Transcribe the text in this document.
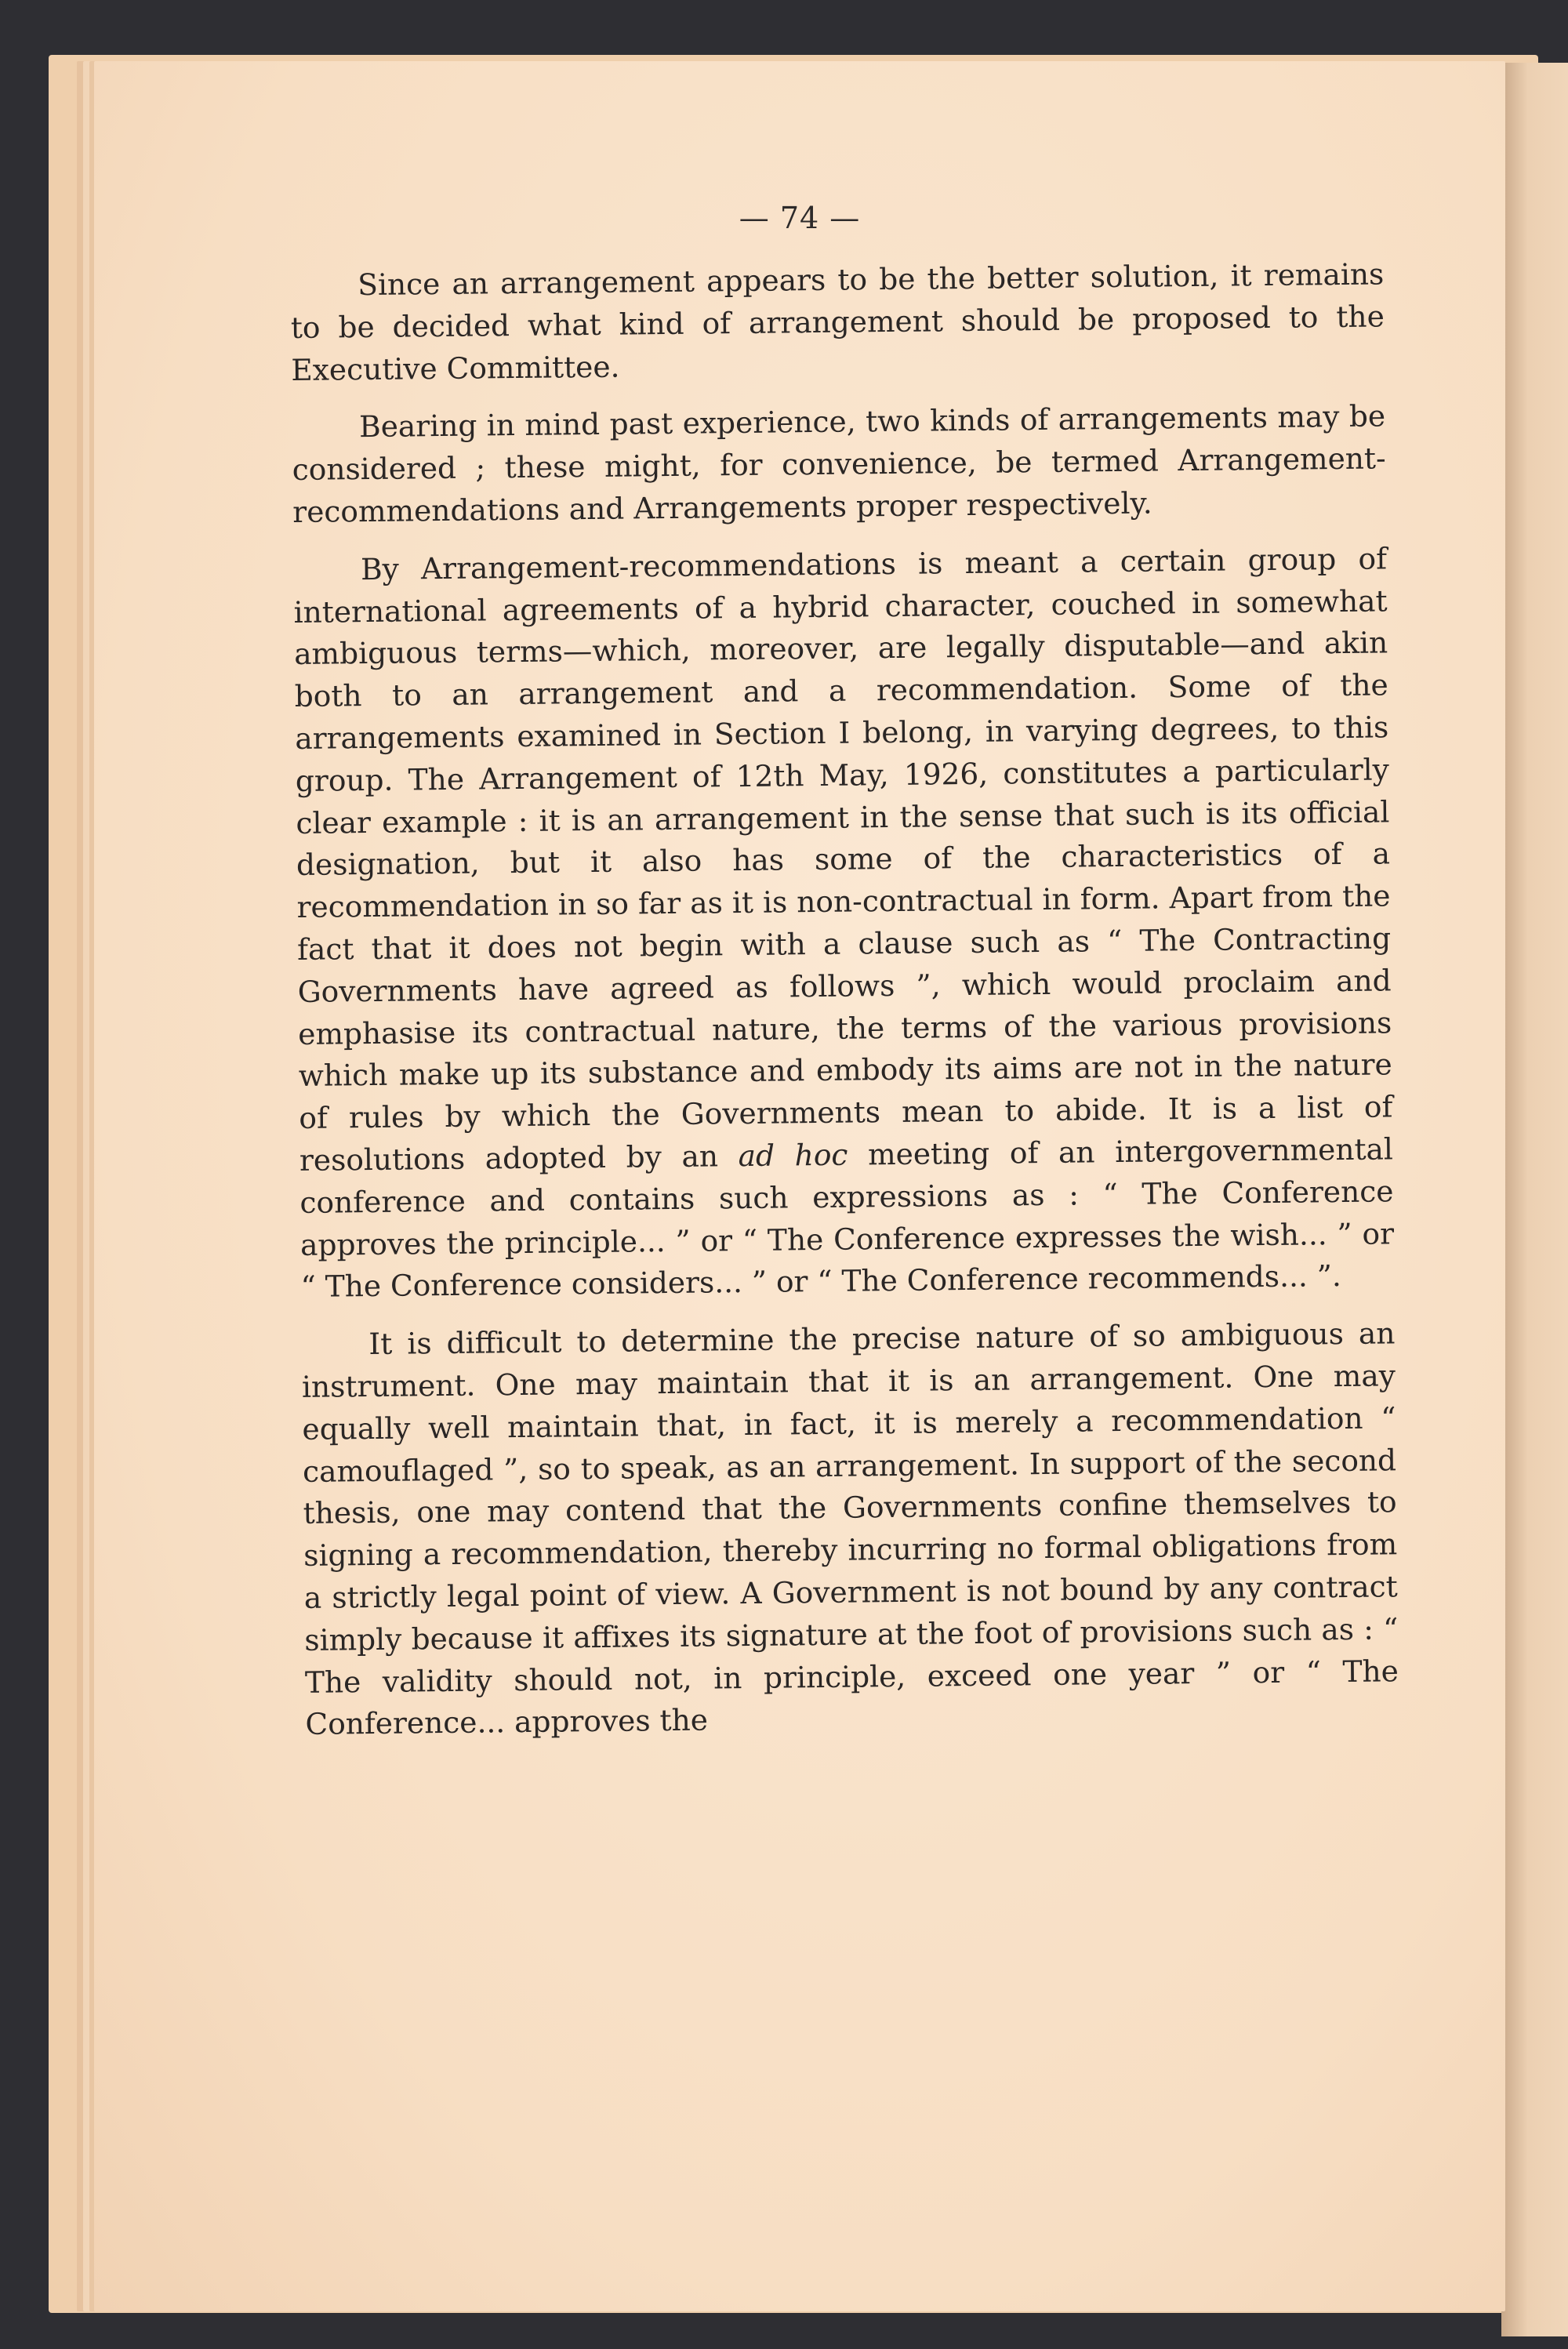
— 74 —

Since an arrangement appears to be the better solution, it remains to be decided what kind of arrangement should be proposed to the Executive Committee.

Bearing in mind past experience, two kinds of arrangements may be considered ; these might, for convenience, be termed Arrangement-recommendations and Arrangements proper respectively.

By Arrangement-recommendations is meant a certain group of international agreements of a hybrid character, couched in somewhat ambiguous terms—which, moreover, are legally disputable—and akin both to an arrangement and a recommendation. Some of the arrangements examined in Section I belong, in varying degrees, to this group. The Arrangement of 12th May, 1926, constitutes a particularly clear example : it is an arrangement in the sense that such is its official designation, but it also has some of the characteristics of a recommendation in so far as it is non-contractual in form. Apart from the fact that it does not begin with a clause such as “ The Contracting Governments have agreed as follows ”, which would proclaim and emphasise its contractual nature, the terms of the various provisions which make up its substance and embody its aims are not in the nature of rules by which the Governments mean to abide. It is a list of resolutions adopted by an ad hoc meeting of an intergovernmental conference and contains such expressions as : “ The Conference approves the principle... ” or “ The Conference expresses the wish... ” or “ The Conference considers... ” or “ The Conference recommends... ”.

It is difficult to determine the precise nature of so ambiguous an instrument. One may maintain that it is an arrangement. One may equally well maintain that, in fact, it is merely a recommendation “ camouflaged ”, so to speak, as an arrangement. In support of the second thesis, one may contend that the Governments confine themselves to signing a recommendation, thereby incurring no formal obligations from a strictly legal point of view. A Government is not bound by any contract simply because it affixes its signature at the foot of provisions such as : “ The validity should not, in principle, exceed one year ” or “ The Conference... approves the
